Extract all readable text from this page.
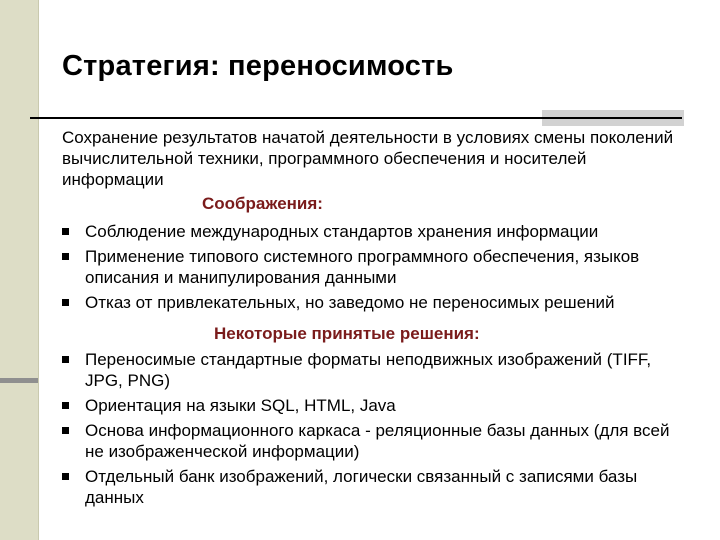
Стратегия: переносимость

Сохранение результатов начатой деятельности в условиях смены поколений вычислительной техники, программного обеспечения и носителей информации

Соображения:

Соблюдение международных стандартов хранения информации
Применение типового системного программного обеспечения, языков описания и манипулирования данными
Отказ от привлекательных, но заведомо не переносимых решений

Некоторые принятые решения:

Переносимые стандартные форматы неподвижных изображений (TIFF, JPG, PNG)
Ориентация на языки SQL, HTML, Java
Основа информационного каркаса - реляционные базы данных (для всей не изображенческой информации)
Отдельный банк изображений, логически связанный с записями базы данных
